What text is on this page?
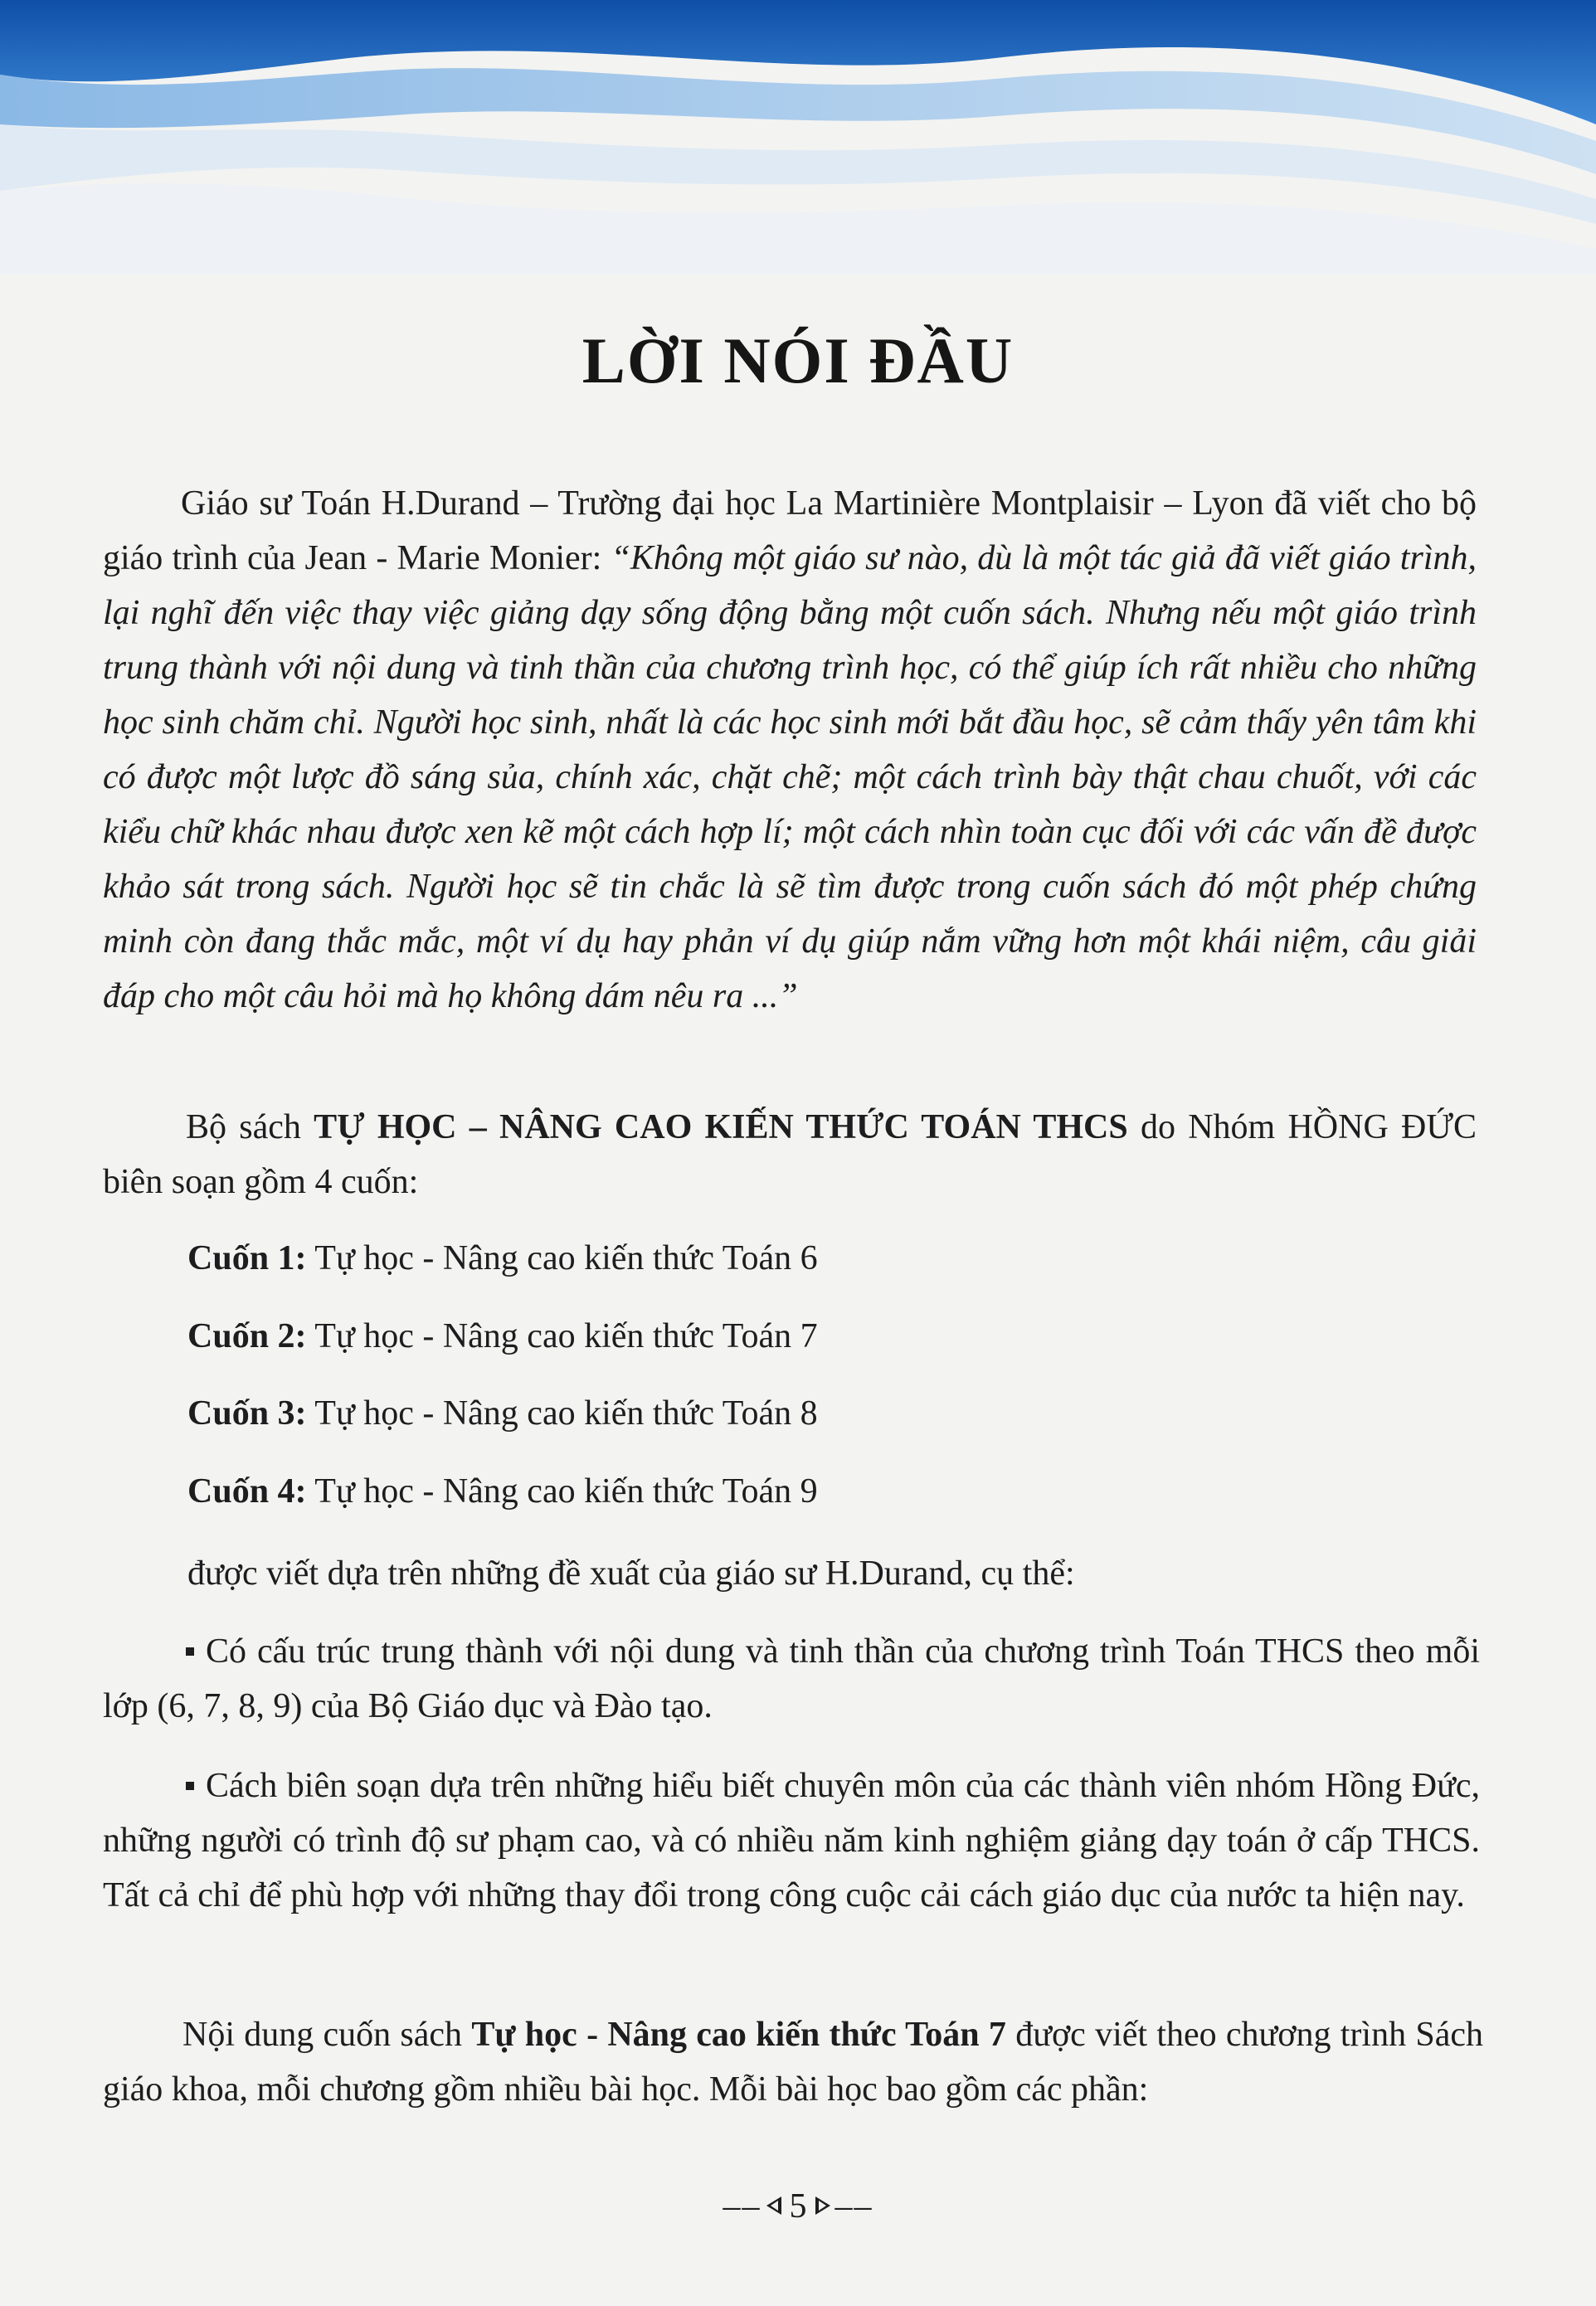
LỜI NÓI ĐẦU

Giáo sư Toán H.Durand – Trường đại học La Martinière Montplaisir – Lyon đã viết cho bộ giáo trình của Jean - Marie Monier: “Không một giáo sư nào, dù là một tác giả đã viết giáo trình, lại nghĩ đến việc thay việc giảng dạy sống động bằng một cuốn sách. Nhưng nếu một giáo trình trung thành với nội dung và tinh thần của chương trình học, có thể giúp ích rất nhiều cho những học sinh chăm chỉ. Người học sinh, nhất là các học sinh mới bắt đầu học, sẽ cảm thấy yên tâm khi có được một lược đồ sáng sủa, chính xác, chặt chẽ; một cách trình bày thật chau chuốt, với các kiểu chữ khác nhau được xen kẽ một cách hợp lí; một cách nhìn toàn cục đối với các vấn đề được khảo sát trong sách. Người học sẽ tin chắc là sẽ tìm được trong cuốn sách đó một phép chứng minh còn đang thắc mắc, một ví dụ hay phản ví dụ giúp nắm vững hơn một khái niệm, câu giải đáp cho một câu hỏi mà họ không dám nêu ra ...”

Bộ sách TỰ HỌC – NÂNG CAO KIẾN THỨC TOÁN THCS do Nhóm HỒNG ĐỨC biên soạn gồm 4 cuốn:

Cuốn 1: Tự học - Nâng cao kiến thức Toán 6

Cuốn 2: Tự học - Nâng cao kiến thức Toán 7

Cuốn 3: Tự học - Nâng cao kiến thức Toán 8

Cuốn 4: Tự học - Nâng cao kiến thức Toán 9

được viết dựa trên những đề xuất của giáo sư H.Durand, cụ thể:

Có cấu trúc trung thành với nội dung và tinh thần của chương trình Toán THCS theo mỗi lớp (6, 7, 8, 9) của Bộ Giáo dục và Đào tạo.

Cách biên soạn dựa trên những hiểu biết chuyên môn của các thành viên nhóm Hồng Đức, những người có trình độ sư phạm cao, và có nhiều năm kinh nghiệm giảng dạy toán ở cấp THCS. Tất cả chỉ để phù hợp với những thay đổi trong công cuộc cải cách giáo dục của nước ta hiện nay.

Nội dung cuốn sách Tự học - Nâng cao kiến thức Toán 7 được viết theo chương trình Sách giáo khoa, mỗi chương gồm nhiều bài học. Mỗi bài học bao gồm các phần:

–– 5 ––
